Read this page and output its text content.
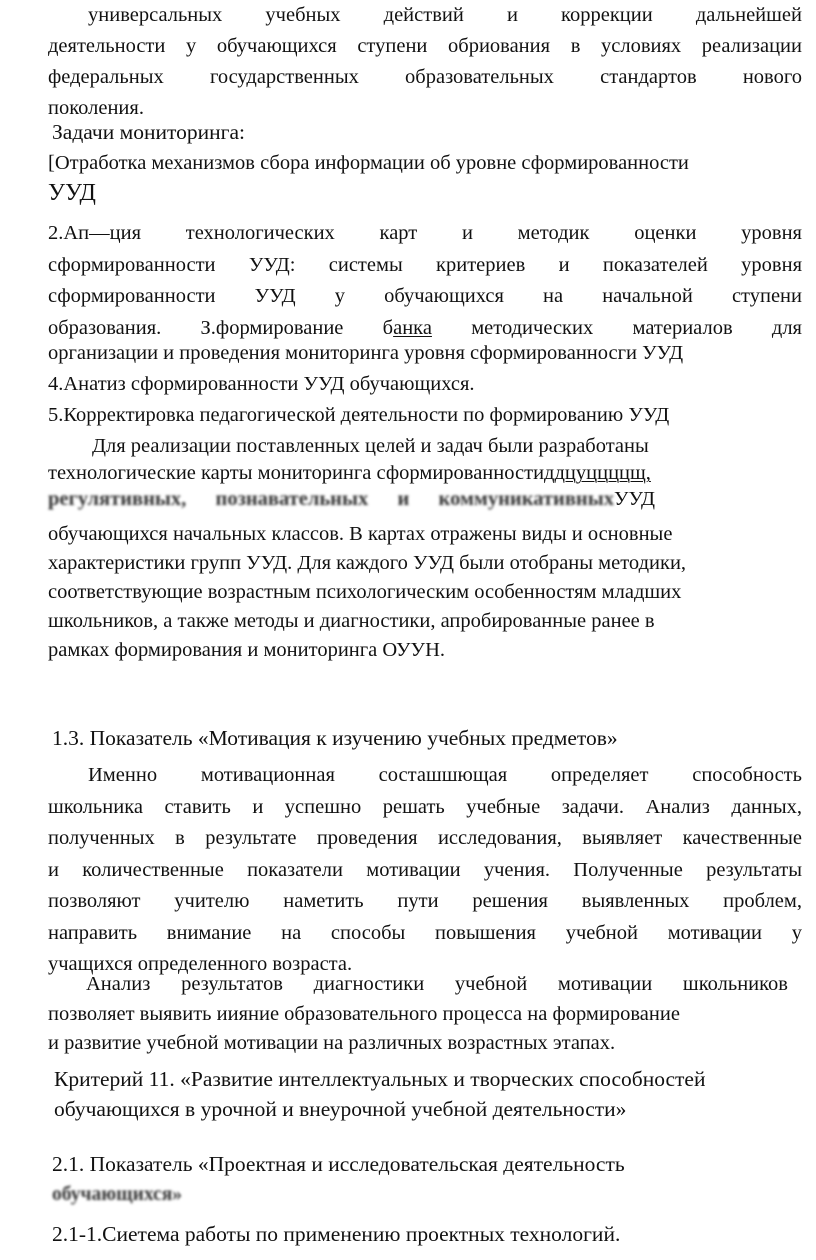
универсальных учебных действий и коррекции дальнейшей
деятельности у обучающихся ступени обриования в условиях реализации
федеральных государственных образовательных стандартов нового
поколения.
Задачи мониторинга:
[Отработка механизмов сбора информации об уровне сформированности
УУД
2.Ап—ция технологических карт и методик оценки уровня
сформированности УУД: системы критериев и показателей уровня
сформированности УУД у обучающихся на начальной ступени
образования. З.формирование банка методических материалов для
организации и проведения мониторинга уровня сформированносги УУД
4.Анатиз сформированности УУД обучающихся.
5.Корректировка педагогической деятельности по формированию УУД
Для реализации поставленных целей и задач были разработаны
технологические карты мониторинга сформированностиддцуццццщ,
регулятивных, познавательных и коммуникативныхУУД
обучающихся начальных классов. В картах отражены виды и основные
характеристики групп УУД. Для каждого УУД были отобраны методики,
соответствующие возрастным психологическим особенностям младших
школьников, а также методы и диагностики, апробированные ранее в
рамках формирования и мониторинга ОУУН.
1.3. Показатель «Мотивация к изучению учебных предметов»
Именно мотивационная состашшющая определяет способность
школьника ставить и успешно решать учебные задачи. Анализ данных,
полученных в результате проведения исследования, выявляет качественные
и количественные показатели мотивации учения. Полученные результаты
позволяют учителю наметить пути решения выявленных проблем,
направить внимание на способы повышения учебной мотивации у
учащихся определенного возраста.
Анализ результатов диагностики учебной мотивации школьников
позволяет выявить иияние образовательного процесса на формирование
и развитие учебной мотивации на различных возрастных этапах.
Критерий 11. «Развитие интеллектуальных и творческих способностей
обучающихся в урочной и внеурочной учебной деятельности»
2.1. Показатель «Проектная и исследовательская деятельность
обучающихся»
2.1-1.Сиетема работы по применению проектных технологий.
